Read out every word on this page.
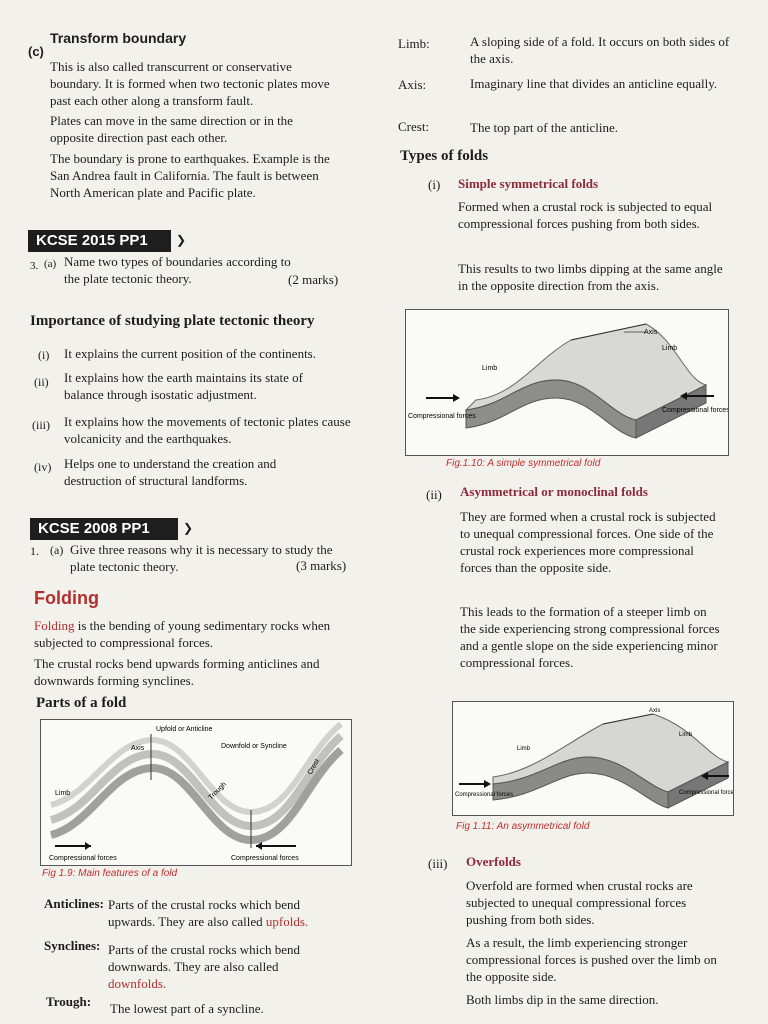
(c)
Transform boundary

This is also called transcurrent or conservative boundary. It is formed when two tectonic plates move past each other along a transform fault.

Plates can move in the same direction or in the opposite direction past each other.

The boundary is prone to earthquakes. Example is the San Andrea fault in California. The fault is between North American plate and Pacific plate.

KCSE 2015 PP1	❯
3. (a) Name two types of boundaries according to the plate tectonic theory.	(2 marks)
Importance of studying plate tectonic theory
(i) It explains the current position of the continents.

(ii) It explains how the earth maintains its state of balance through isostatic adjustment.

(iii) It explains how the movements of tectonic plates cause volcanicity and the earthquakes.

(iv) Helps one to understand the creation and destruction of structural landforms.

KCSE 2008 PP1	❯
1. (a) Give three reasons why it is necessary to study the plate tectonic theory.	(3 marks)
Folding

Folding is the bending of young sedimentary rocks when subjected to compressional forces.

The crustal rocks bend upwards forming anticlines and downwards forming synclines.

Parts of a fold
Upfold or Anticline
Axis	Downfold or Syncline
Crest
Limb	Trough
Compressional forces	Compressional forces
Fig 1.9: Main features of a fold
Anticlines: Parts of the crustal rocks which bend upwards. They are also called upfolds.

Synclines: Parts of the crustal rocks which bend downwards. They are also called downfolds.

Trough: The lowest part of a syncline.

Limb:	A sloping side of a fold. It occurs on both sides of the axis.

Axis:	Imaginary line that divides an anticline equally.

Crest:	The top part of the anticline.

Types of folds
(i) Simple symmetrical folds

Formed when a crustal rock is subjected to equal compressional forces pushing from both sides.

This results to two limbs dipping at the same angle in the opposite direction from the axis.

Axis
Limb
Limb
Compressional forces
Compressional forces
Fig.1.10: A simple symmetrical fold
(ii) Asymmetrical or monoclinal folds

They are formed when a crustal rock is subjected to unequal compressional forces. One side of the crustal rock experiences more compressional forces than the opposite side.

This leads to the formation of a steeper limb on the side experiencing strong compressional forces and a gentle slope on the side experiencing minor compressional forces.

Axis
Limb
Limb
Compressional forces	Compressional forces
Fig 1.11: An asymmetrical fold
(iii) Overfolds

Overfold are formed when crustal rocks are subjected to unequal compressional forces pushing from both sides.

As a result, the limb experiencing stronger compressional forces is pushed over the limb on the opposite side.

Both limbs dip in the same direction.
